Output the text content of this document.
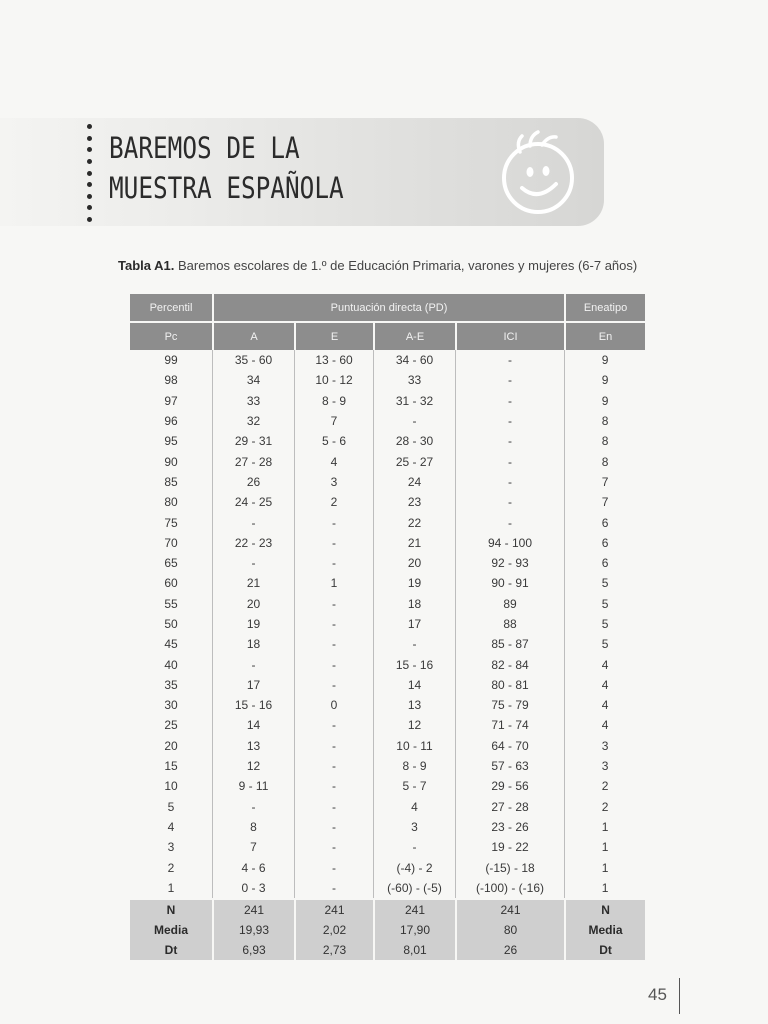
BAREMOS DE LA
MUESTRA ESPAÑOLA

Tabla A1. Baremos escolares de 1.º de Educación Primaria, varones y mujeres (6-7 años)

Percentil	Puntuación directa (PD)				Eneatipo
Pc	A	E	A-E	ICI	En
99	35 - 60	13 - 60	34 - 60	-	9
98	34	10 - 12	33	-	9
97	33	8 - 9	31 - 32	-	9
96	32	7	-	-	8
95	29 - 31	5 - 6	28 - 30	-	8
90	27 - 28	4	25 - 27	-	8
85	26	3	24	-	7
80	24 - 25	2	23	-	7
75	-	-	22	-	6
70	22 - 23	-	21	94 - 100	6
65	-	-	20	92 - 93	6
60	21	1	19	90 - 91	5
55	20	-	18	89	5
50	19	-	17	88	5
45	18	-	-	85 - 87	5
40	-	-	15 - 16	82 - 84	4
35	17	-	14	80 - 81	4
30	15 - 16	0	13	75 - 79	4
25	14	-	12	71 - 74	4
20	13	-	10 - 11	64 - 70	3
15	12	-	8 - 9	57 - 63	3
10	9 - 11	-	5 - 7	29 - 56	2
5	-	-	4	27 - 28	2
4	8	-	3	23 - 26	1
3	7	-	-	19 - 22	1
2	4 - 6	-	(-4) - 2	(-15) - 18	1
1	0 - 3	-	(-60) - (-5)	(-100) - (-16)	1
N	241	241	241	241	N
Media	19,93	2,02	17,90	80	Media
Dt	6,93	2,73	8,01	26	Dt
45
